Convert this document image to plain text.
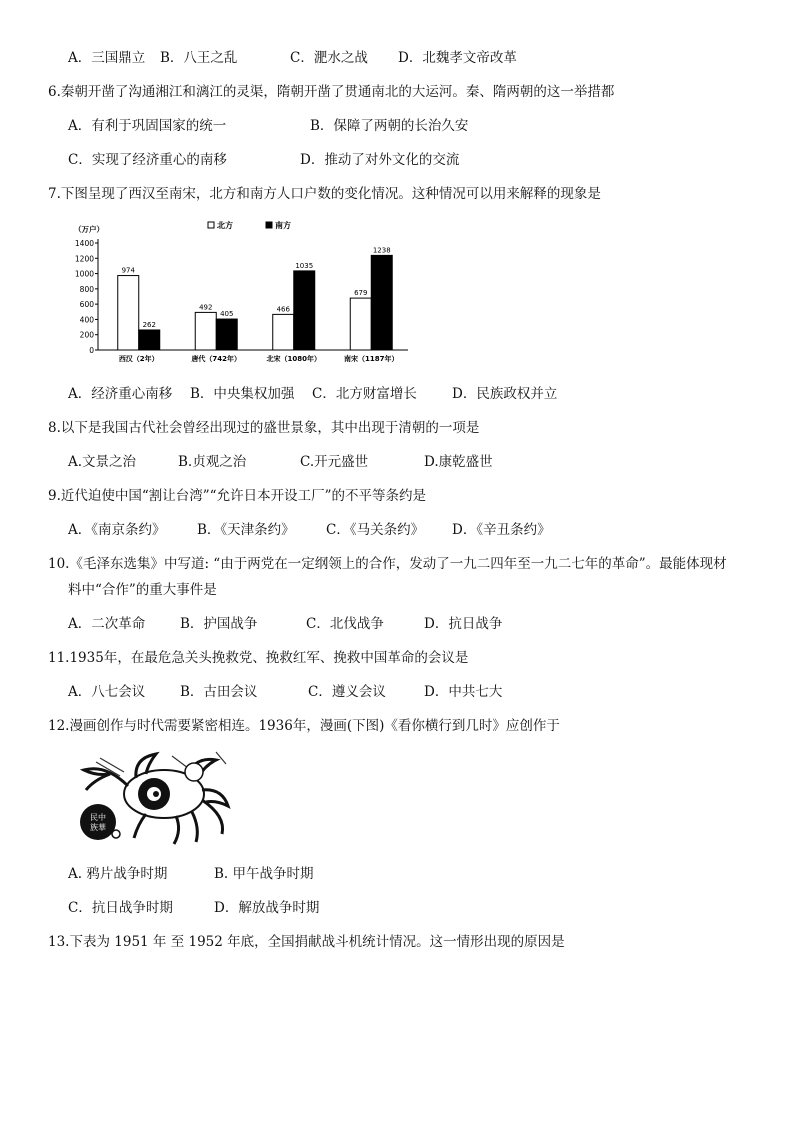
A．三国鼎立 B．八王之乱	C．淝水之战 D．北魏孝文帝改革
6.秦朝开凿了沟通湘江和漓江的灵渠，隋朝开凿了贯通南北的大运河。秦、隋两朝的这一举措都
A．有利于巩固国家的统一	B．保障了两朝的长治久安
C．实现了经济重心的南移	D．推动了对外文化的交流
7.下图呈现了西汉至南宋，北方和南方人口户数的变化情况。这种情况可以用来解释的现象是
0
200
400
600
800
1000
1200
1400
（万户）	北方	南方
974
262
西汉（2年）
492
405
唐代（742年）
466
1035
北宋（1080年）
679
1238
南宋（1187年）
A．经济重心南移 B．中央集权加强 C．北方财富增长	D．民族政权并立
8.以下是我国古代社会曾经出现过的盛世景象，其中出现于清朝的一项是
A.文景之治	B.贞观之治	C.开元盛世	D.康乾盛世
9.近代迫使中国“割让台湾”“允许日本开设工厂”的不平等条约是
A．《南京条约》 B．《天津条约》 C．《马关条约》 D．《辛丑条约》
10.《毛泽东选集》中写道: “由于两党在一定纲领上的合作，发动了一九二四年至一九二七年的革命”。最能体现材
料中“合作”的重大事件是
A．二次革命	B．护国战争	C．北伐战争	D．抗日战争
11.1935年，在最危急关头挽救党、挽救红军、挽救中国革命的会议是
A．八七会议	B．古田会议	C．遵义会议	D．中共七大
12.漫画创作与时代需要紧密相连。1936年，漫画(下图)《看你横行到几时》应创作于
民中
族華
A. 鸦片战争时期	B. 甲午战争时期
C．抗日战争时期	D．解放战争时期
13.下表为 1951 年 至 1952 年底，全国捐献战斗机统计情况。这一情形出现的原因是
